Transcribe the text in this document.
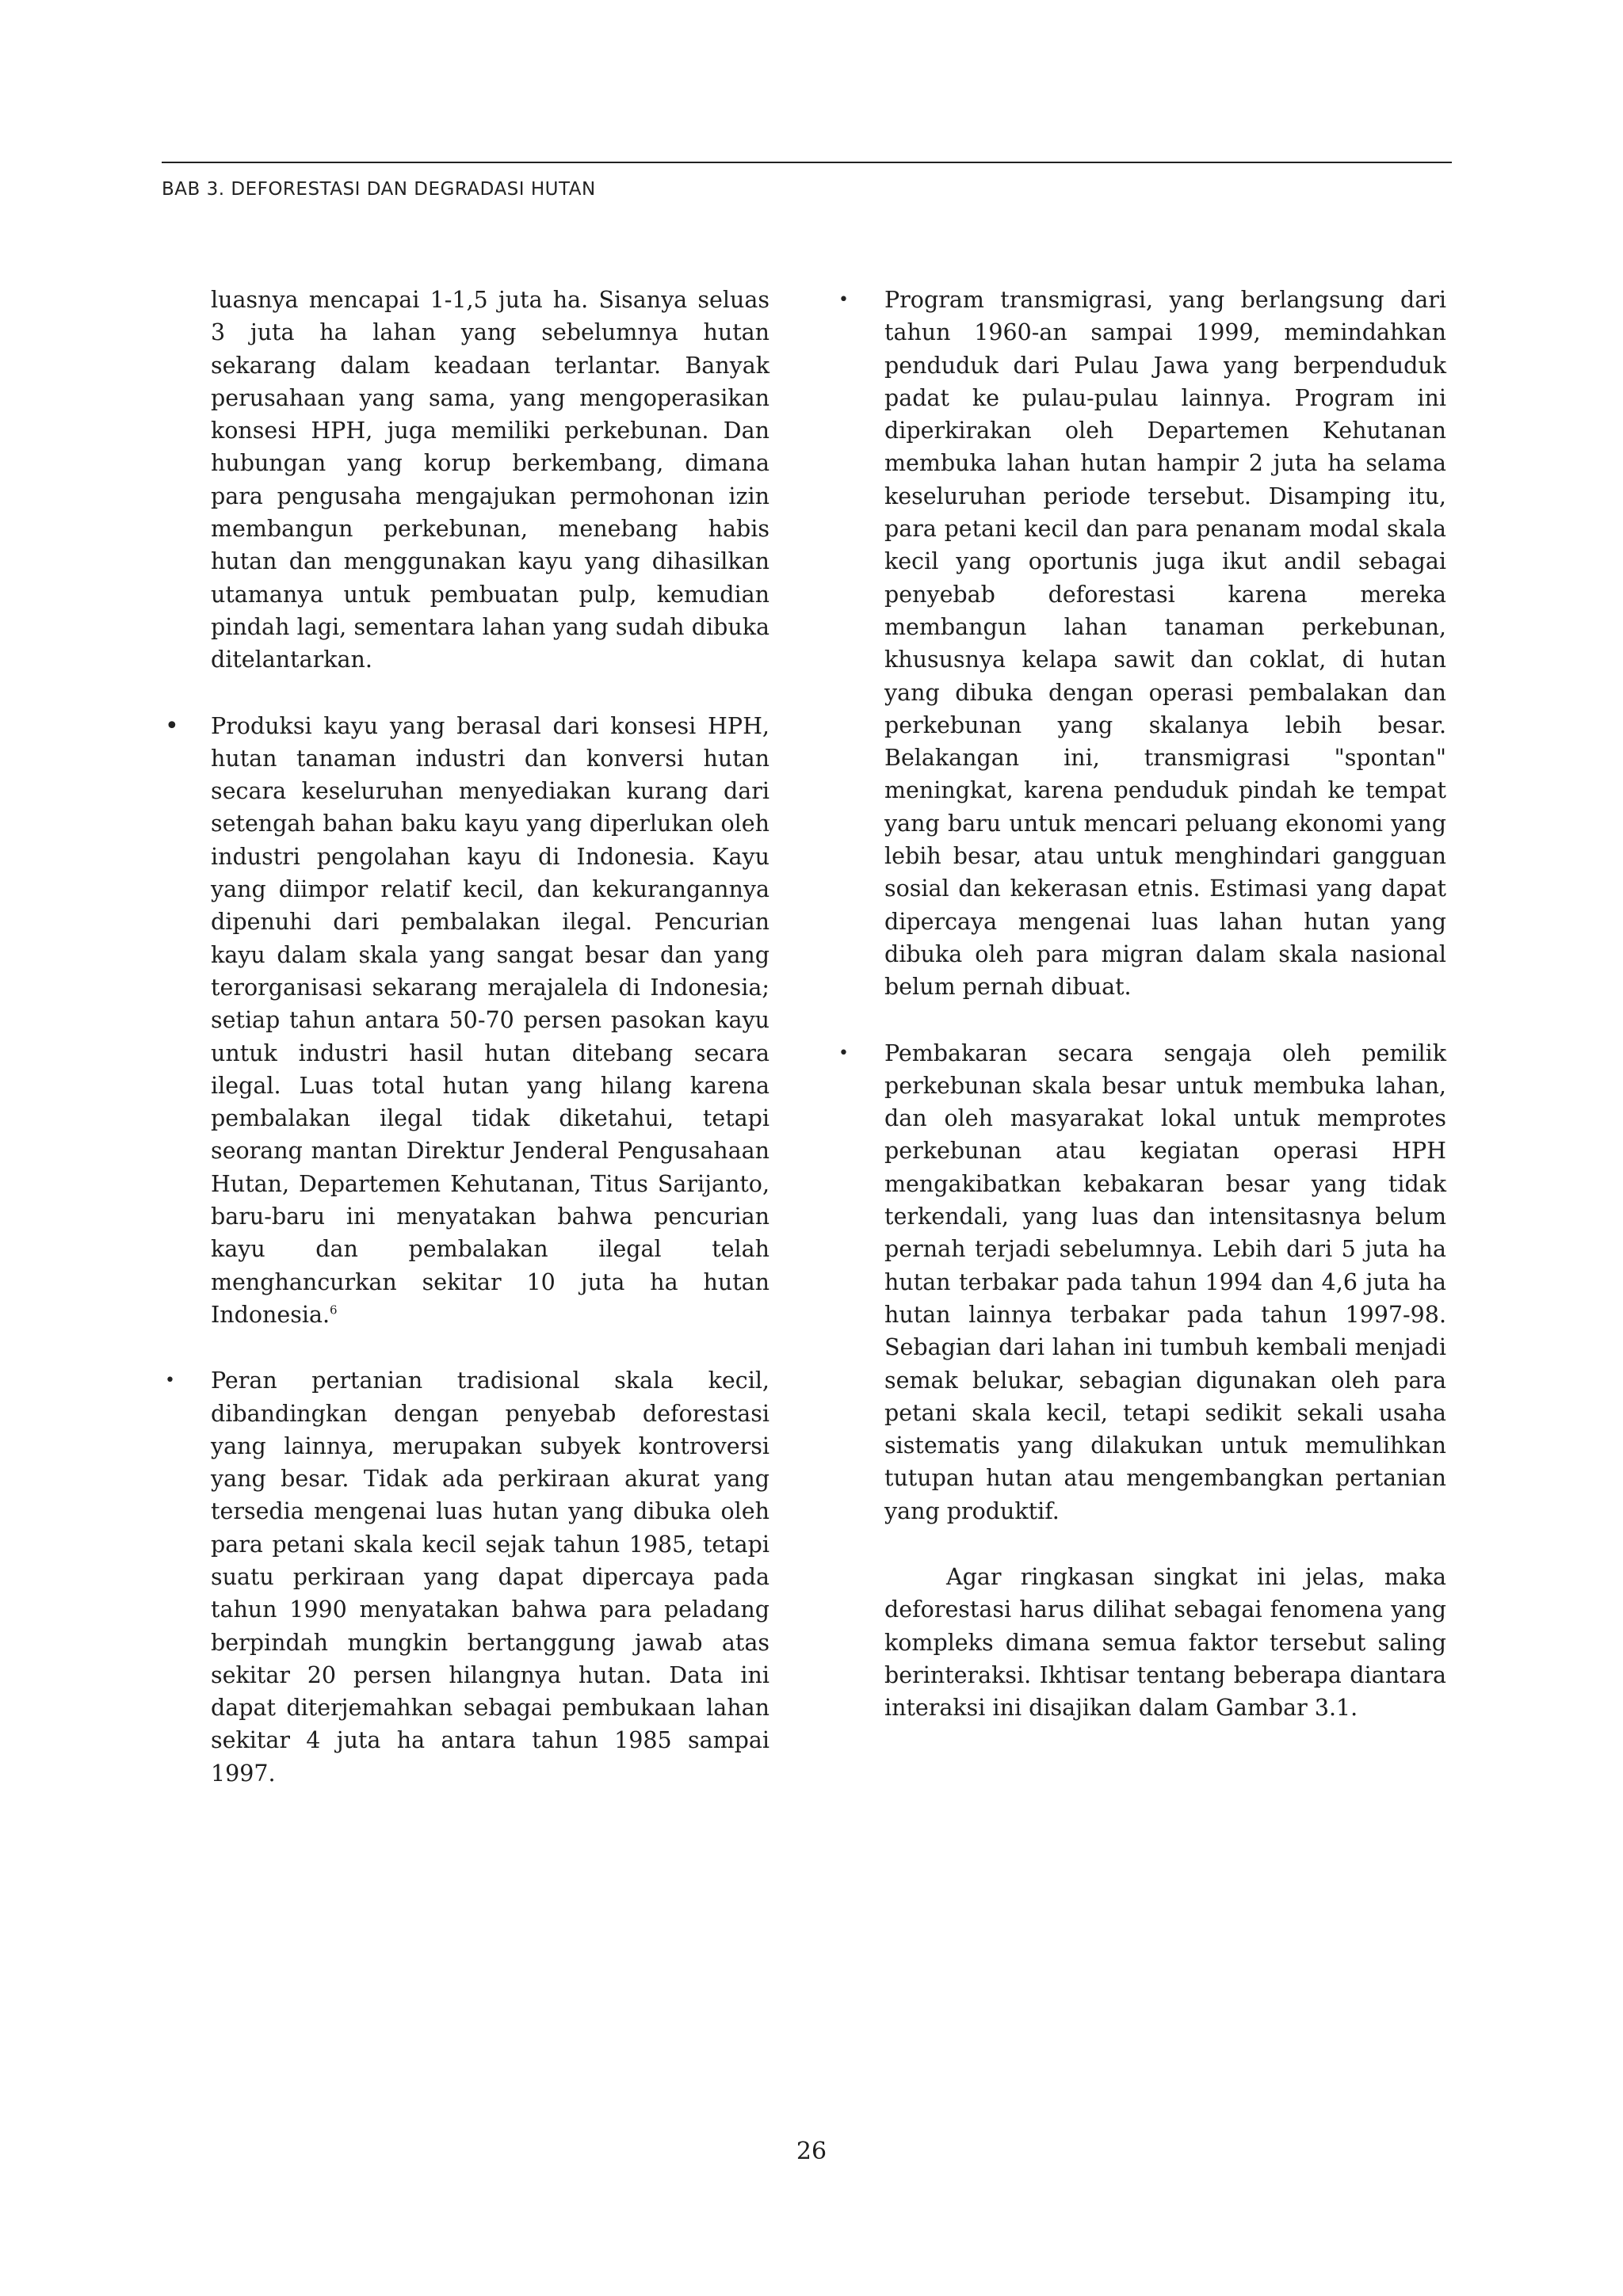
BAB 3. DEFORESTASI DAN DEGRADASI HUTAN

luasnya mencapai 1-1,5 juta ha. Sisanya seluas 3 juta ha lahan yang sebelumnya hutan sekarang dalam keadaan terlantar. Banyak perusahaan yang sama, yang mengoperasikan konsesi HPH, juga memiliki perkebunan. Dan hubungan yang korup berkembang, dimana para pengusaha mengajukan permohonan izin membangun perkebunan, menebang habis hutan dan menggunakan kayu yang dihasilkan utamanya untuk pembuatan pulp, kemudian pindah lagi, sementara lahan yang sudah dibuka ditelantarkan.

• Produksi kayu yang berasal dari konsesi HPH, hutan tanaman industri dan konversi hutan secara keseluruhan menyediakan kurang dari setengah bahan baku kayu yang diperlukan oleh industri pengolahan kayu di Indonesia. Kayu yang diimpor relatif kecil, dan kekurangannya dipenuhi dari pembalakan ilegal. Pencurian kayu dalam skala yang sangat besar dan yang terorganisasi sekarang merajalela di Indonesia; setiap tahun antara 50-70 persen pasokan kayu untuk industri hasil hutan ditebang secara ilegal. Luas total hutan yang hilang karena pembalakan ilegal tidak diketahui, tetapi seorang mantan Direktur Jenderal Pengusahaan Hutan, Departemen Kehutanan, Titus Sarijanto, baru-baru ini menyatakan bahwa pencurian kayu dan pembalakan ilegal telah menghancurkan sekitar 10 juta ha hutan Indonesia.$^6$
• Peran pertanian tradisional skala kecil, dibandingkan dengan penyebab deforestasi yang lainnya, merupakan subyek kontroversi yang besar. Tidak ada perkiraan akurat yang tersedia mengenai luas hutan yang dibuka oleh para petani skala kecil sejak tahun 1985, tetapi suatu perkiraan yang dapat dipercaya pada tahun 1990 menyatakan bahwa para peladang berpindah mungkin bertanggung jawab atas sekitar 20 persen hilangnya hutan. Data ini dapat diterjemahkan sebagai pembukaan lahan sekitar 4 juta ha antara tahun 1985 sampai 1997.
• Program transmigrasi, yang berlangsung dari tahun 1960-an sampai 1999, memindahkan penduduk dari Pulau Jawa yang berpenduduk padat ke pulau-pulau lainnya. Program ini diperkirakan oleh Departemen Kehutanan membuka lahan hutan hampir 2 juta ha selama keseluruhan periode tersebut. Disamping itu, para petani kecil dan para penanam modal skala kecil yang oportunis juga ikut andil sebagai penyebab deforestasi karena mereka membangun lahan tanaman perkebunan, khususnya kelapa sawit dan coklat, di hutan yang dibuka dengan operasi pembalakan dan perkebunan yang skalanya lebih besar. Belakangan ini, transmigrasi "spontan" meningkat, karena penduduk pindah ke tempat yang baru untuk mencari peluang ekonomi yang lebih besar, atau untuk menghindari gangguan sosial dan kekerasan etnis. Estimasi yang dapat dipercaya mengenai luas lahan hutan yang dibuka oleh para migran dalam skala nasional belum pernah dibuat.
• Pembakaran secara sengaja oleh pemilik perkebunan skala besar untuk membuka lahan, dan oleh masyarakat lokal untuk memprotes perkebunan atau kegiatan operasi HPH mengakibatkan kebakaran besar yang tidak terkendali, yang luas dan intensitasnya belum pernah terjadi sebelumnya. Lebih dari 5 juta ha hutan terbakar pada tahun 1994 dan 4,6 juta ha hutan lainnya terbakar pada tahun 1997-98. Sebagian dari lahan ini tumbuh kembali menjadi semak belukar, sebagian digunakan oleh para petani skala kecil, tetapi sedikit sekali usaha sistematis yang dilakukan untuk memulihkan tutupan hutan atau mengembangkan pertanian yang produktif.

Agar ringkasan singkat ini jelas, maka deforestasi harus dilihat sebagai fenomena yang kompleks dimana semua faktor tersebut saling berinteraksi. Ikhtisar tentang beberapa diantara interaksi ini disajikan dalam Gambar 3.1.

26
